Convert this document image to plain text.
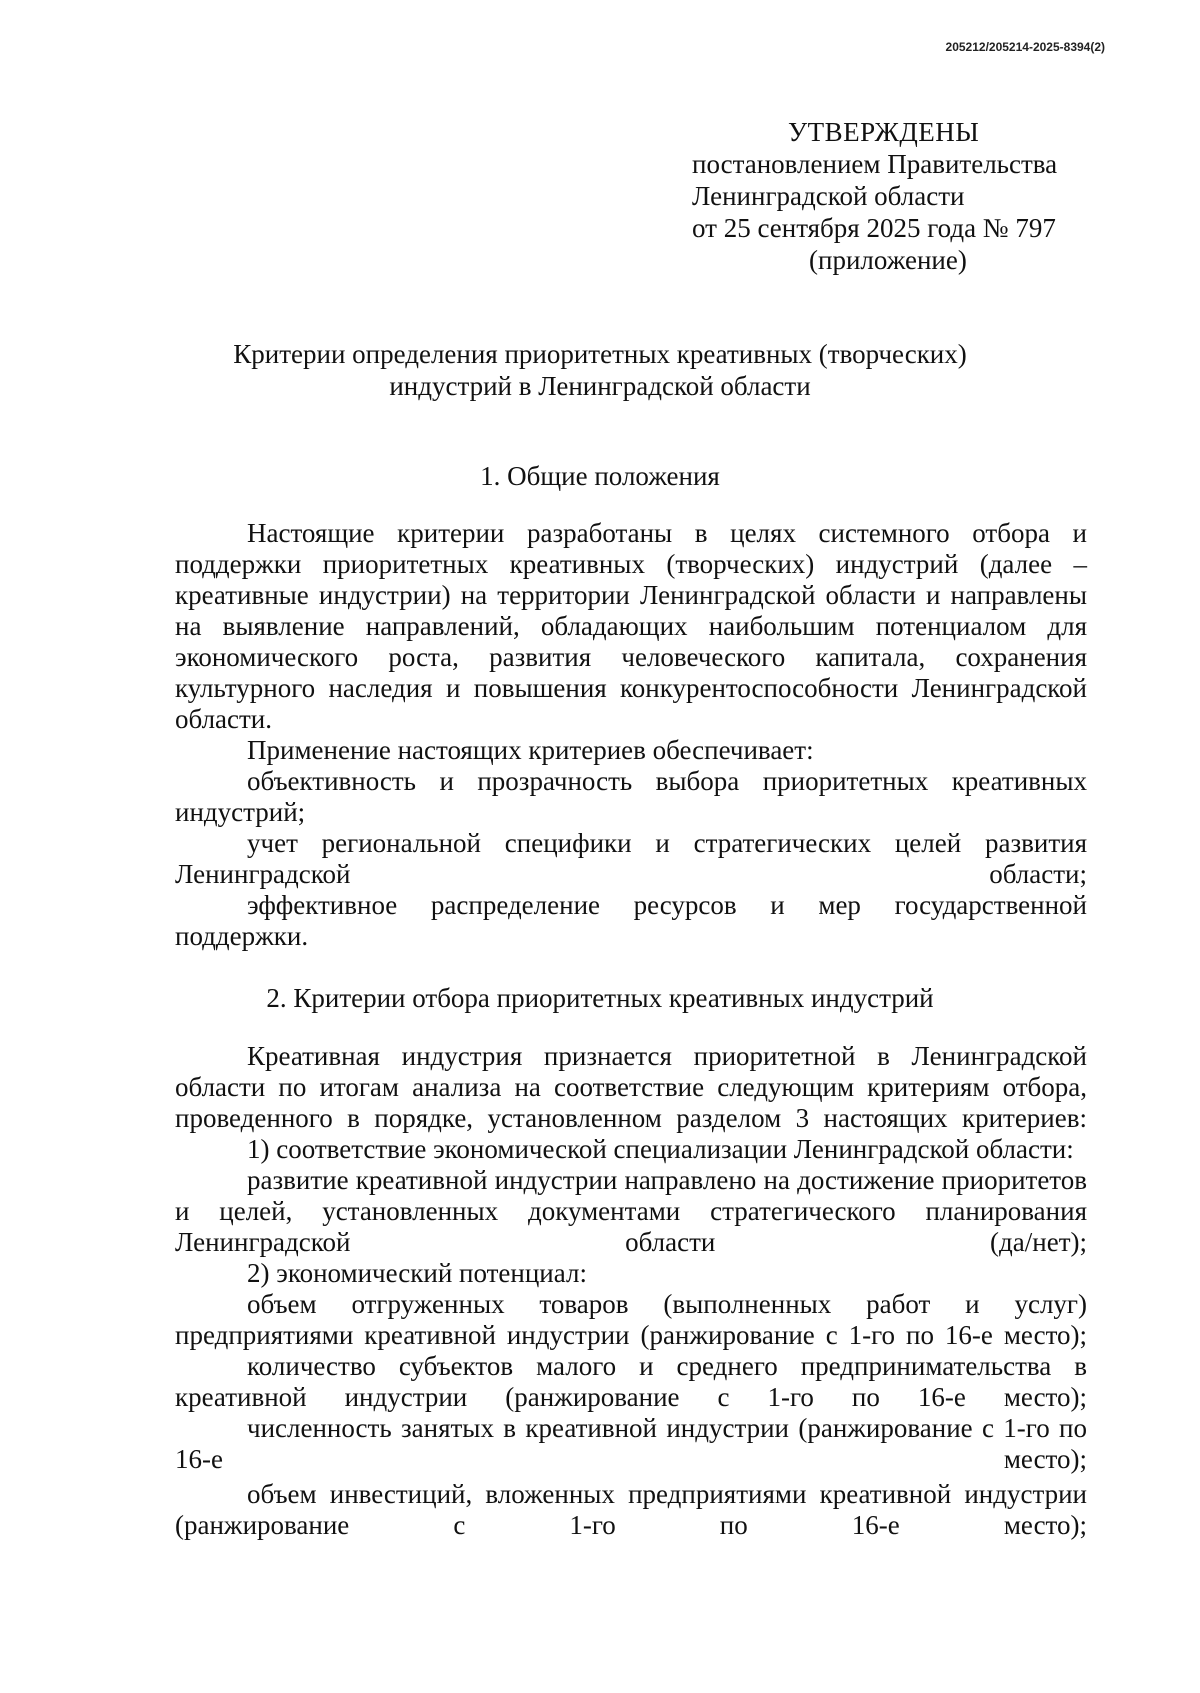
205212/205214-2025-8394(2)
УТВЕРЖДЕНЫ
постановлением Правительства
Ленинградской области
от 25 сентября 2025 года № 797
(приложение)
Критерии определения приоритетных креативных (творческих)
индустрий в Ленинградской области
1. Общие положения

Настоящие критерии разработаны в целях системного отбора и поддержки приоритетных креативных (творческих) индустрий (далее – креативные индустрии) на территории Ленинградской области и направлены на выявление направлений, обладающих наибольшим потенциалом для экономического роста, развития человеческого капитала, сохранения культурного наследия и повышения конкурентоспособности Ленинградской области.

Применение настоящих критериев обеспечивает:

объективность и прозрачность выбора приоритетных креативных индустрий;

учет региональной специфики и стратегических целей развития Ленинградской области;

эффективное распределение ресурсов и мер государственной поддержки.

2. Критерии отбора приоритетных креативных индустрий

Креативная индустрия признается приоритетной в Ленинградской области по итогам анализа на соответствие следующим критериям отбора, проведенного в порядке, установленном разделом 3 настоящих критериев:

1) соответствие экономической специализации Ленинградской области:

развитие креативной индустрии направлено на достижение приоритетов и целей, установленных документами стратегического планирования Ленинградской области (да/нет);

2) экономический потенциал:

объем отгруженных товаров (выполненных работ и услуг) предприятиями креативной индустрии (ранжирование с 1-го по 16-е место);

количество субъектов малого и среднего предпринимательства в креативной индустрии (ранжирование с 1-го по 16-е место);

численность занятых в креативной индустрии (ранжирование с 1-го по 16-е место);

объем инвестиций, вложенных предприятиями креативной индустрии (ранжирование с 1-го по 16-е место);
